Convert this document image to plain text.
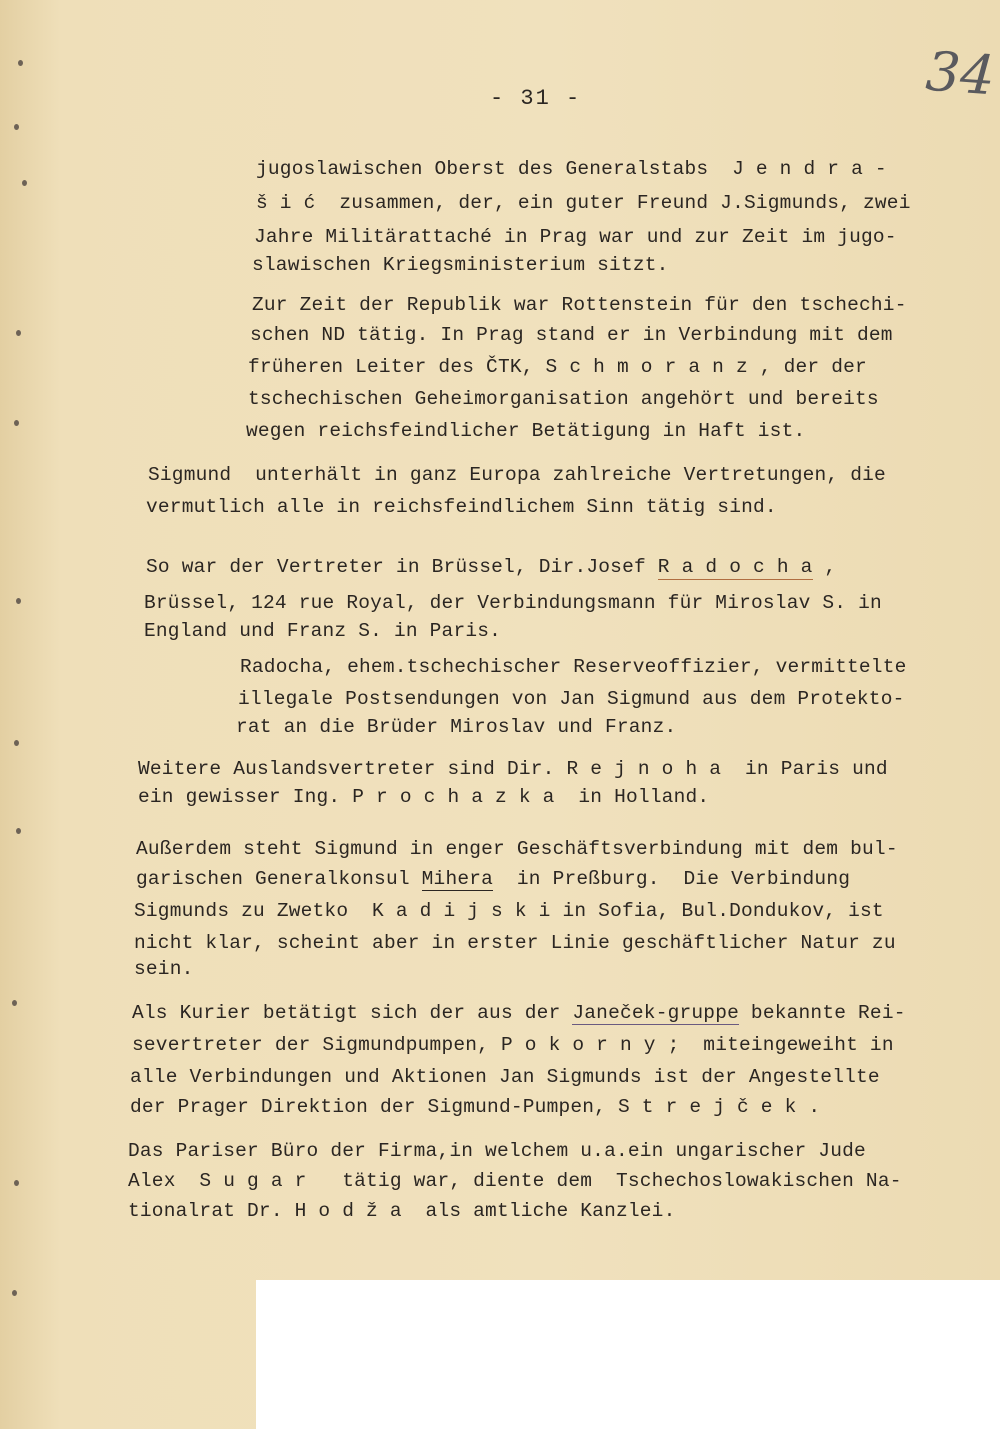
- 31 -	34
jugoslawischen Oberst des Generalstabs  J e n d r a -
š i ć  zusammen, der, ein guter Freund J.Sigmunds, zwei
Jahre Militärattaché in Prag war und zur Zeit im jugo-
slawischen Kriegsministerium sitzt.
Zur Zeit der Republik war Rottenstein für den tschechi-
schen ND tätig. In Prag stand er in Verbindung mit dem
früheren Leiter des ČTK, S c h m o r a n z , der der
tschechischen Geheimorganisation angehört und bereits
wegen reichsfeindlicher Betätigung in Haft ist.
Sigmund  unterhält in ganz Europa zahlreiche Vertretungen, die
vermutlich alle in reichsfeindlichem Sinn tätig sind.
So war der Vertreter in Brüssel, Dir.Josef R a d o c h a ,
Brüssel, 124 rue Royal, der Verbindungsmann für Miroslav S. in
England und Franz S. in Paris.
Radocha, ehem.tschechischer Reserveoffizier, vermittelte
illegale Postsendungen von Jan Sigmund aus dem Protekto-
rat an die Brüder Miroslav und Franz.
Weitere Auslandsvertreter sind Dir. R e j n o h a  in Paris und
ein gewisser Ing. P r o c h a z k a  in Holland.
Außerdem steht Sigmund in enger Geschäftsverbindung mit dem bul-
garischen Generalkonsul Mihera  in Preßburg.  Die Verbindung
Sigmunds zu Zwetko  K a d i j s k i in Sofia, Bul.Dondukov, ist
nicht klar, scheint aber in erster Linie geschäftlicher Natur zu
sein.
Als Kurier betätigt sich der aus der Janeček-gruppe bekannte Rei-
severtreter der Sigmundpumpen, P o k o r n y ;  miteingeweiht in
alle Verbindungen und Aktionen Jan Sigmunds ist der Angestellte
der Prager Direktion der Sigmund-Pumpen, S t r e j č e k .
Das Pariser Büro der Firma,in welchem u.a.ein ungarischer Jude
Alex  S u g a r   tätig war, diente dem  Tschechoslowakischen Na-
tionalrat Dr. H o d ž a  als amtliche Kanzlei.
